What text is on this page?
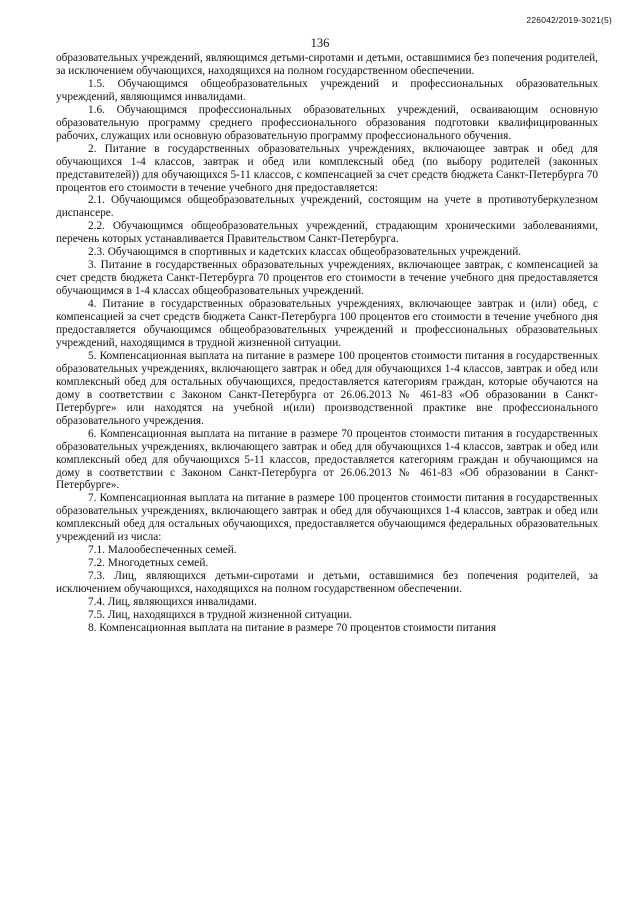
226042/2019-3021(5)
136

образовательных учреждений, являющимся детьми-сиротами и детьми, оставшимися без попечения родителей, за исключением обучающихся, находящихся на полном государственном обеспечении.

1.5. Обучающимся общеобразовательных учреждений и профессиональных образовательных учреждений, являющимся инвалидами.

1.6. Обучающимся профессиональных образовательных учреждений, осваивающим основную образовательную программу среднего профессионального образования подготовки квалифицированных рабочих, служащих или основную образовательную программу профессионального обучения.

2. Питание в государственных образовательных учреждениях, включающее завтрак и обед для обучающихся 1-4 классов, завтрак и обед или комплексный обед (по выбору родителей (законных представителей)) для обучающихся 5-11 классов, с компенсацией за счет средств бюджета Санкт-Петербурга 70 процентов его стоимости в течение учебного дня предоставляется:

2.1. Обучающимся общеобразовательных учреждений, состоящим на учете в противотуберкулезном диспансере.

2.2. Обучающимся общеобразовательных учреждений, страдающим хроническими заболеваниями, перечень которых устанавливается Правительством Санкт-Петербурга.

2.3. Обучающимся в спортивных и кадетских классах общеобразовательных учреждений.

3. Питание в государственных образовательных учреждениях, включающее завтрак, с компенсацией за счет средств бюджета Санкт-Петербурга 70 процентов его стоимости в течение учебного дня предоставляется обучающимся в 1-4 классах общеобразовательных учреждений.

4. Питание в государственных образовательных учреждениях, включающее завтрак и (или) обед, с компенсацией за счет средств бюджета Санкт-Петербурга 100 процентов его стоимости в течение учебного дня предоставляется обучающимся общеобразовательных учреждений и профессиональных образовательных учреждений, находящимся в трудной жизненной ситуации.

5. Компенсационная выплата на питание в размере 100 процентов стоимости питания в государственных образовательных учреждениях, включающего завтрак и обед для обучающихся 1-4 классов, завтрак и обед или комплексный обед для остальных обучающихся, предоставляется категориям граждан, которые обучаются на дому в соответствии с Законом Санкт-Петербурга от 26.06.2013 № 461-83 «Об образовании в Санкт-Петербурге» или находятся на учебной и(или) производственной практике вне профессионального образовательного учреждения.

6. Компенсационная выплата на питание в размере 70 процентов стоимости питания в государственных образовательных учреждениях, включающего завтрак и обед для обучающихся 1-4 классов, завтрак и обед или комплексный обед для обучающихся 5-11 классов, предоставляется категориям граждан и обучающимся на дому в соответствии с Законом Санкт-Петербурга от 26.06.2013 № 461-83 «Об образовании в Санкт-Петербурге».

7. Компенсационная выплата на питание в размере 100 процентов стоимости питания в государственных образовательных учреждениях, включающего завтрак и обед для обучающихся 1-4 классов, завтрак и обед или комплексный обед для остальных обучающихся, предоставляется обучающимся федеральных образовательных учреждений из числа:

7.1. Малообеспеченных семей.

7.2. Многодетных семей.

7.3. Лиц, являющихся детьми-сиротами и детьми, оставшимися без попечения родителей, за исключением обучающихся, находящихся на полном государственном обеспечении.

7.4. Лиц, являющихся инвалидами.

7.5. Лиц, находящихся в трудной жизненной ситуации.

8. Компенсационная выплата на питание в размере 70 процентов стоимости питания
